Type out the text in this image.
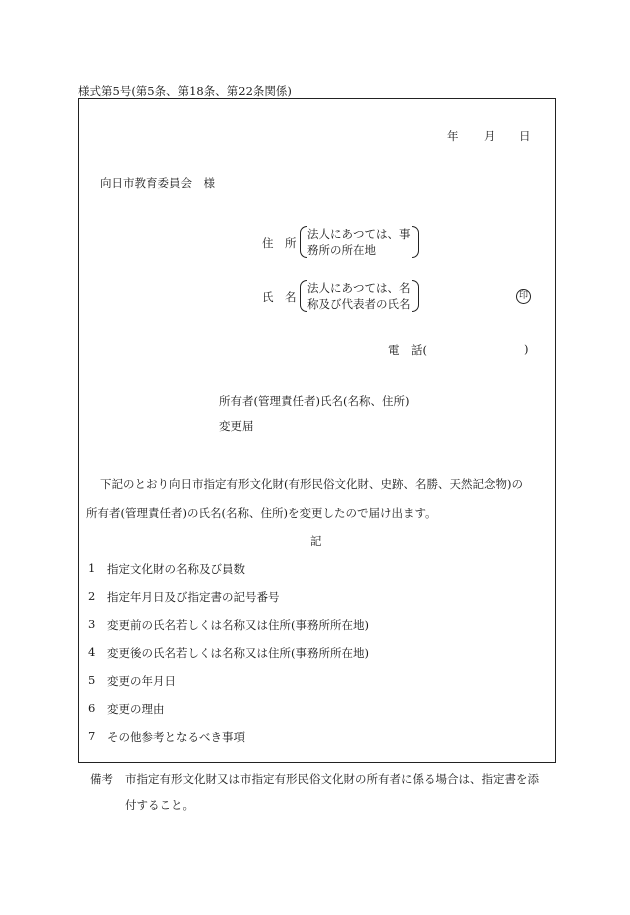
様式第5号(第5条、第18条、第22条関係)
年 月 日
向日市教育委員会　様
住　所
法人にあつては、事
務所の所在地
氏　名
法人にあつては、名
称及び代表者の氏名
印
電　話(	)
所有者(管理責任者)氏名(名称、住所)
変更届
下記のとおり向日市指定有形文化財(有形民俗文化財、史跡、名勝、天然記念物)の
所有者(管理責任者)の氏名(名称、住所)を変更したので届け出ます。
記
1 指定文化財の名称及び員数
2 指定年月日及び指定書の記号番号
3 変更前の氏名若しくは名称又は住所(事務所所在地)
4 変更後の氏名若しくは名称又は住所(事務所所在地)
5 変更の年月日
6 変更の理由
7 その他参考となるべき事項
備考 市指定有形文化財又は市指定有形民俗文化財の所有者に係る場合は、指定書を添
付すること。
